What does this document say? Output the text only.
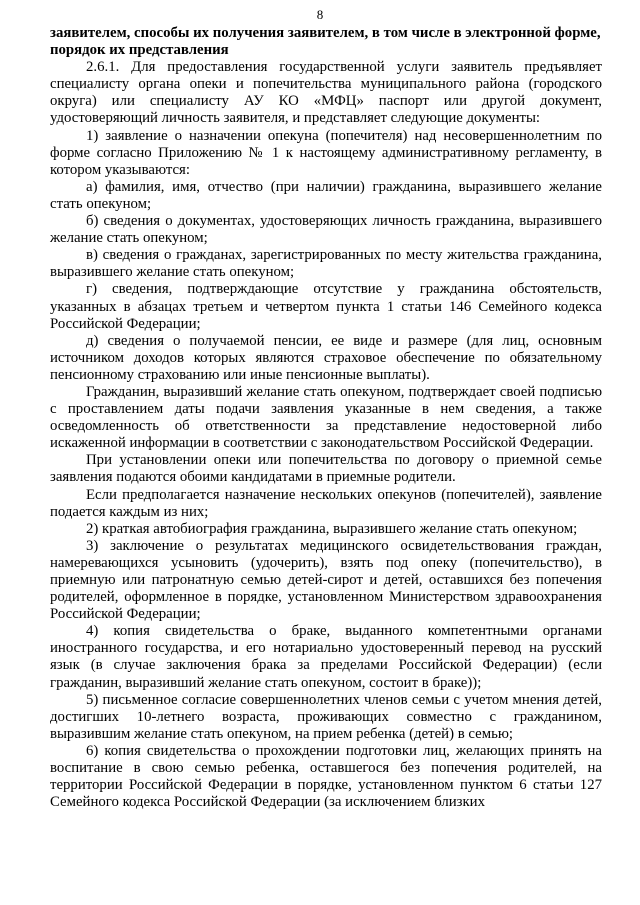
8

заявителем, способы их получения заявителем, в том числе в электронной форме, порядок их представления

2.6.1. Для предоставления государственной услуги заявитель предъявляет специалисту органа опеки и попечительства муниципального района (городского округа) или специалисту АУ КО «МФЦ» паспорт или другой документ, удостоверяющий личность заявителя, и представляет следующие документы:

1) заявление о назначении опекуна (попечителя) над несовершеннолетним по форме согласно Приложению № 1 к настоящему административному регламенту, в котором указываются:

а) фамилия, имя, отчество (при наличии) гражданина, выразившего желание стать опекуном;

б) сведения о документах, удостоверяющих личность гражданина, выразившего желание стать опекуном;

в) сведения о гражданах, зарегистрированных по месту жительства гражданина, выразившего желание стать опекуном;

г) сведения, подтверждающие отсутствие у гражданина обстоятельств, указанных в абзацах третьем и четвертом пункта 1 статьи 146 Семейного кодекса Российской Федерации;

д) сведения о получаемой пенсии, ее виде и размере (для лиц, основным источником доходов которых являются страховое обеспечение по обязательному пенсионному страхованию или иные пенсионные выплаты).

Гражданин, выразивший желание стать опекуном, подтверждает своей подписью с проставлением даты подачи заявления указанные в нем сведения, а также осведомленность об ответственности за представление недостоверной либо искаженной информации в соответствии с законодательством Российской Федерации.

При установлении опеки или попечительства по договору о приемной семье заявления подаются обоими кандидатами в приемные родители.

Если предполагается назначение нескольких опекунов (попечителей), заявление подается каждым из них;

2) краткая автобиография гражданина, выразившего желание стать опекуном;

3) заключение о результатах медицинского освидетельствования граждан, намеревающихся усыновить (удочерить), взять под опеку (попечительство), в приемную или патронатную семью детей-сирот и детей, оставшихся без попечения родителей, оформленное в порядке, установленном Министерством здравоохранения Российской Федерации;

4) копия свидетельства о браке, выданного компетентными органами иностранного государства, и его нотариально удостоверенный перевод на русский язык (в случае заключения брака за пределами Российской Федерации) (если гражданин, выразивший желание стать опекуном, состоит в браке));

5) письменное согласие совершеннолетних членов семьи с учетом мнения детей, достигших 10-летнего возраста, проживающих совместно с гражданином, выразившим желание стать опекуном, на прием ребенка (детей) в семью;

6) копия свидетельства о прохождении подготовки лиц, желающих принять на воспитание в свою семью ребенка, оставшегося без попечения родителей, на территории Российской Федерации в порядке, установленном пунктом 6 статьи 127 Семейного кодекса Российской Федерации (за исключением близких
